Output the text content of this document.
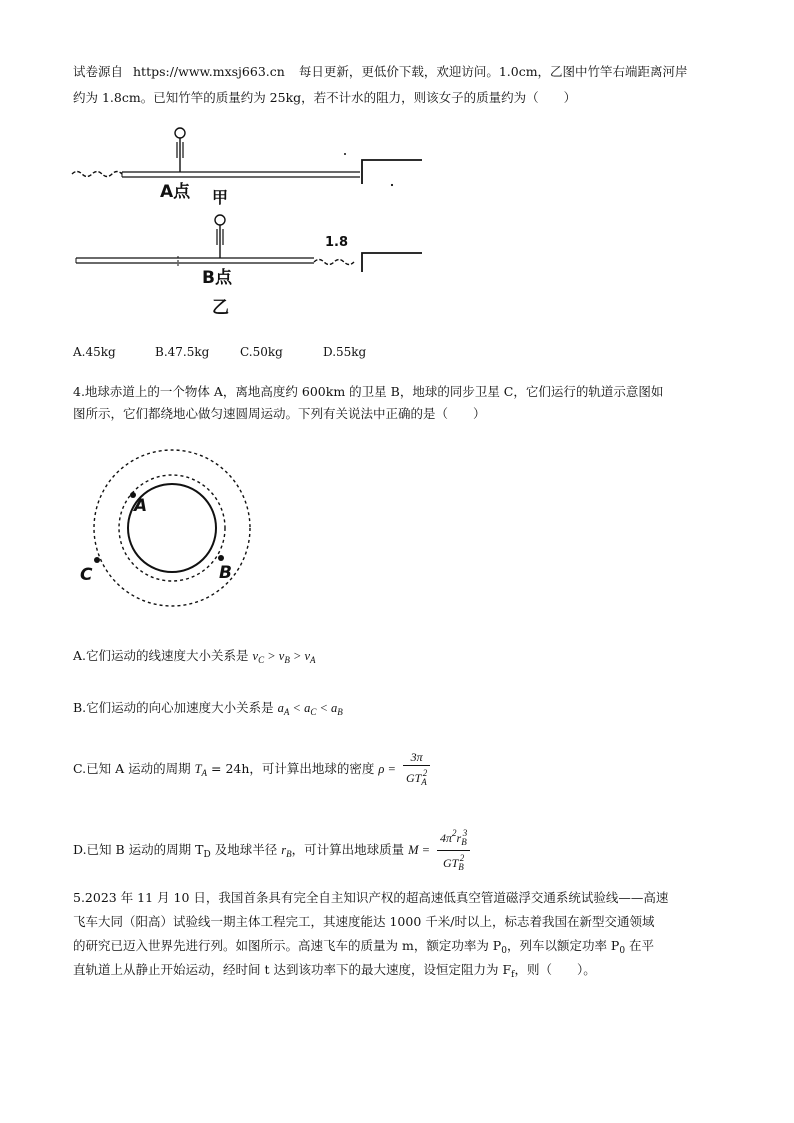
试卷源自 https://www.mxsj663.cn 每日更新，更低价下载，欢迎访问。1.0cm，乙图中竹竿右端距离河岸
约为 1.8cm。已知竹竿的质量约为 25kg，若不计水的阻力，则该女子的质量约为（　　）
A点 甲
1.8
B点
乙
A.45kg	B.47.5kg	C.50kg	D.55kg
4.地球赤道上的一个物体 A，离地高度约 600km 的卫星 B，地球的同步卫星 C，它们运行的轨道示意图如
图所示，它们都绕地心做匀速圆周运动。下列有关说法中正确的是（　　）
A
B
C
A.它们运动的线速度大小关系是 $v_C > v_B > v_A$
B.它们运动的向心加速度大小关系是 $a_A < a_C < a_B$
C.已知 A 运动的周期 $T_A = 24h$，可计算出地球的密度 $\rho = \frac{3\pi}{GT_A^2}$
D.已知 B 运动的周期 $T_D$ 及地球半径 $r_B$，可计算出地球质量 $M = \frac{4\pi^2r_B^3}{GT_B^2}$
5.2023 年 11 月 10 日，我国首条具有完全自主知识产权的超高速低真空管道磁浮交通系统试验线——高速
飞车大同（阳高）试验线一期主体工程完工，其速度能达 1000 千米/时以上，标志着我国在新型交通领域
的研究已迈入世界先进行列。如图所示。高速飞车的质量为 m，额定功率为 $P_0$，列车以额定功率 $P_0$ 在平
直轨道上从静止开始运动，经时间 t 达到该功率下的最大速度，设恒定阻力为 $F_f$，则（　　）。
